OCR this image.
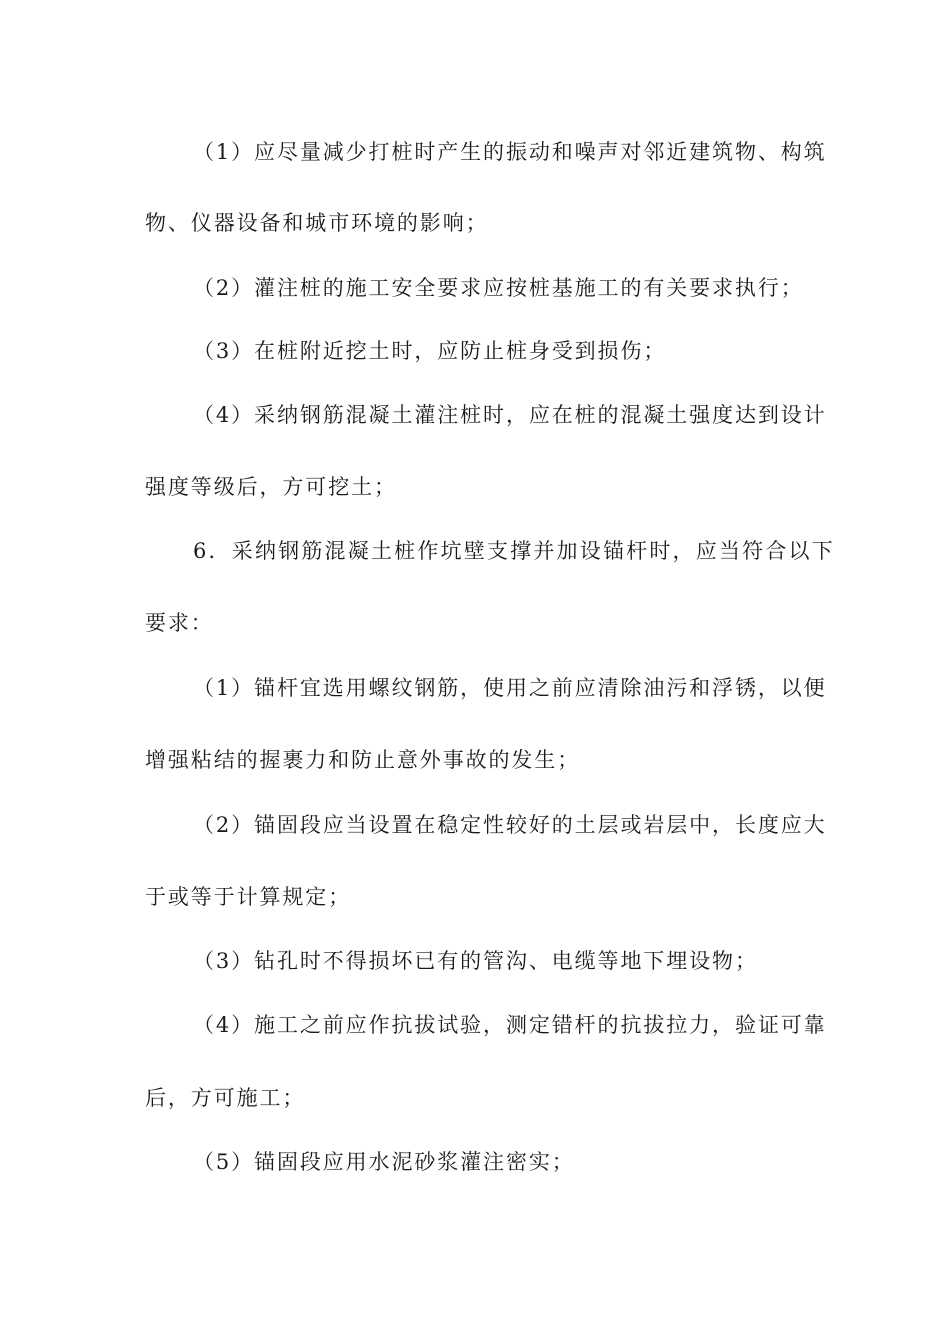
（1）应尽量减少打桩时产生的振动和噪声对邻近建筑物、构筑
物、仪器设备和城市环境的影响；
（2）灌注桩的施工安全要求应按桩基施工的有关要求执行；
（3）在桩附近挖土时，应防止桩身受到损伤；
（4）采纳钢筋混凝土灌注桩时，应在桩的混凝土强度达到设计
强度等级后，方可挖土；
6．采纳钢筋混凝土桩作坑壁支撑并加设锚杆时，应当符合以下
要求：
（1）锚杆宜选用螺纹钢筋，使用之前应清除油污和浮锈，以便
增强粘结的握裹力和防止意外事故的发生；
（2）锚固段应当设置在稳定性较好的土层或岩层中，长度应大
于或等于计算规定；
（3）钻孔时不得损坏已有的管沟、电缆等地下埋设物；
（4）施工之前应作抗拔试验，测定错杆的抗拔拉力，验证可靠
后，方可施工；
（5）锚固段应用水泥砂浆灌注密实；
